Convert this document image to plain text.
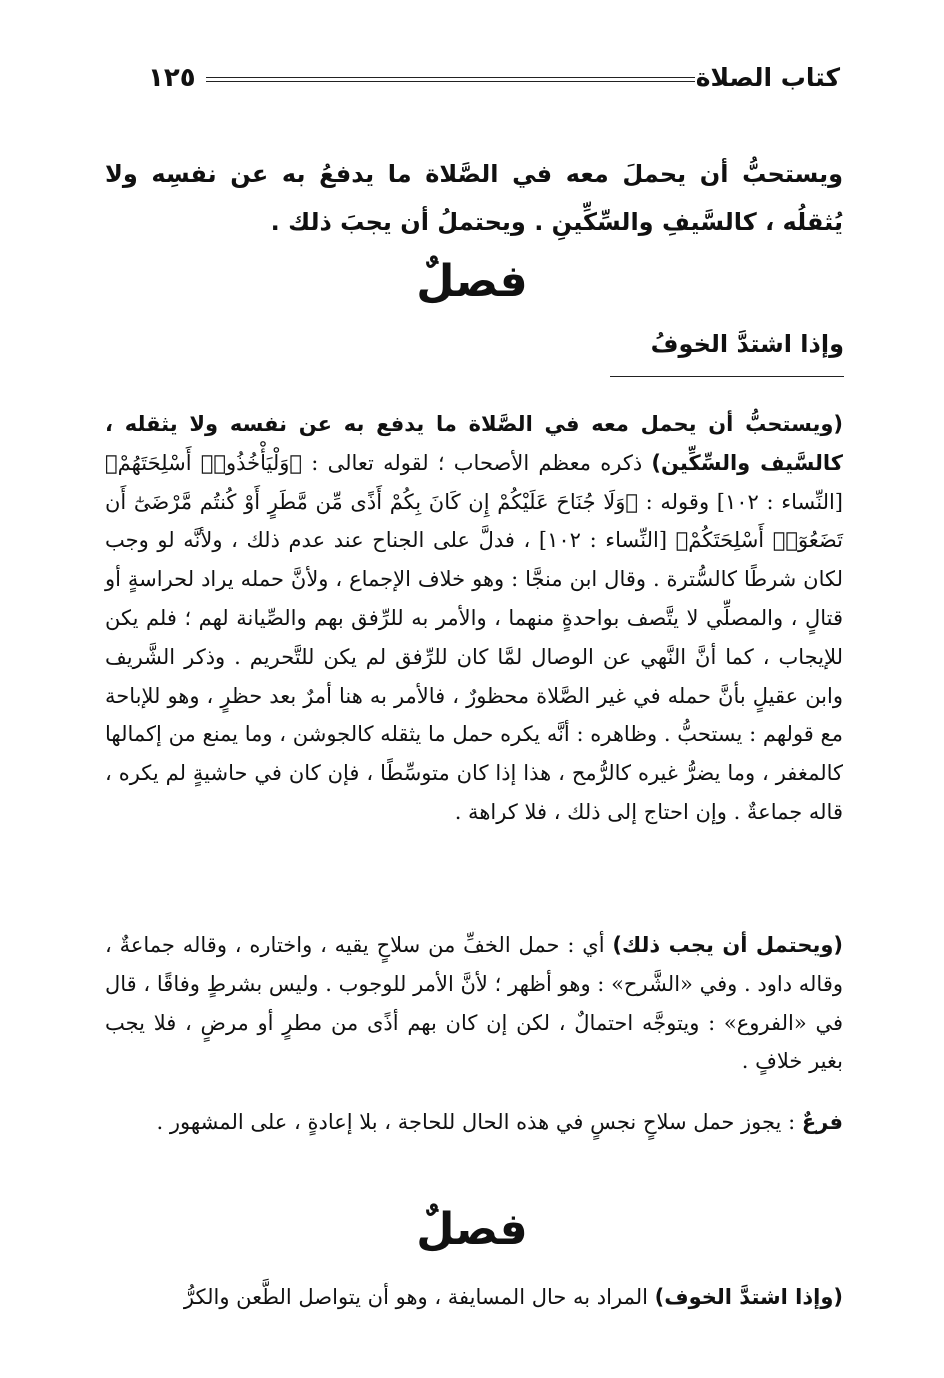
كتاب الصلاة
١٢٥
ويستحبُّ أن يحملَ معه في الصَّلاة ما يدفعُ به عن نفسِه ولا يُثقلُه ، كالسَّيفِ والسِّكِّينِ . ويحتملُ أن يجبَ ذلك .
فصلٌ
وإذا اشتدَّ الخوفُ
(ويستحبُّ أن يحمل معه في الصَّلاة ما يدفع به عن نفسه ولا يثقله ، كالسَّيف والسِّكِّين) ذكره معظم الأصحاب ؛ لقوله تعالى : ﴿وَلْيَأْخُذُوا۟ أَسْلِحَتَهُمْ﴾ [النِّساء : ١٠٢] وقوله : ﴿وَلَا جُنَاحَ عَلَيْكُمْ إِن كَانَ بِكُمْ أَذًى مِّن مَّطَرٍ أَوْ كُنتُم مَّرْضَىٰٓ أَن تَضَعُوٓا۟ أَسْلِحَتَكُمْ﴾ [النِّساء : ١٠٢] ، فدلَّ على الجناح عند عدم ذلك ، ولأنَّه لو وجب لكان شرطًا كالسُّترة . وقال ابن منجَّا : وهو خلاف الإجماع ، ولأنَّ حمله يراد لحراسةٍ أو قتالٍ ، والمصلِّي لا يتَّصف بواحدةٍ منهما ، والأمر به للرِّفق بهم والصِّيانة لهم ؛ فلم يكن للإيجاب ، كما أنَّ النَّهي عن الوصال لمَّا كان للرِّفق لم يكن للتَّحريم . وذكر الشَّريف وابن عقيلٍ بأنَّ حمله في غير الصَّلاة محظورٌ ، فالأمر به هنا أمرٌ بعد حظرٍ ، وهو للإباحة مع قولهم : يستحبُّ . وظاهره : أنَّه يكره حمل ما يثقله كالجوشن ، وما يمنع من إكمالها كالمغفر ، وما يضرُّ غيره كالرُّمح ، هذا إذا كان متوسِّطًا ، فإن كان في حاشيةٍ لم يكره ، قاله جماعةٌ . وإن احتاج إلى ذلك ، فلا كراهة .
(ويحتمل أن يجب ذلك) أي : حمل الخفِّ من سلاحٍ يقيه ، واختاره ، وقاله جماعةٌ ، وقاله داود . وفي «الشَّرح» : وهو أظهر ؛ لأنَّ الأمر للوجوب . وليس بشرطٍ وفاقًا ، قال في «الفروع» : ويتوجَّه احتمالٌ ، لكن إن كان بهم أذًى من مطرٍ أو مرضٍ ، فلا يجب بغير خلافٍ .
فرعٌ : يجوز حمل سلاحٍ نجسٍ في هذه الحال للحاجة ، بلا إعادةٍ ، على المشهور .
فصلٌ
(وإذا اشتدَّ الخوف) المراد به حال المسايفة ، وهو أن يتواصل الطَّعن والكرُّ
